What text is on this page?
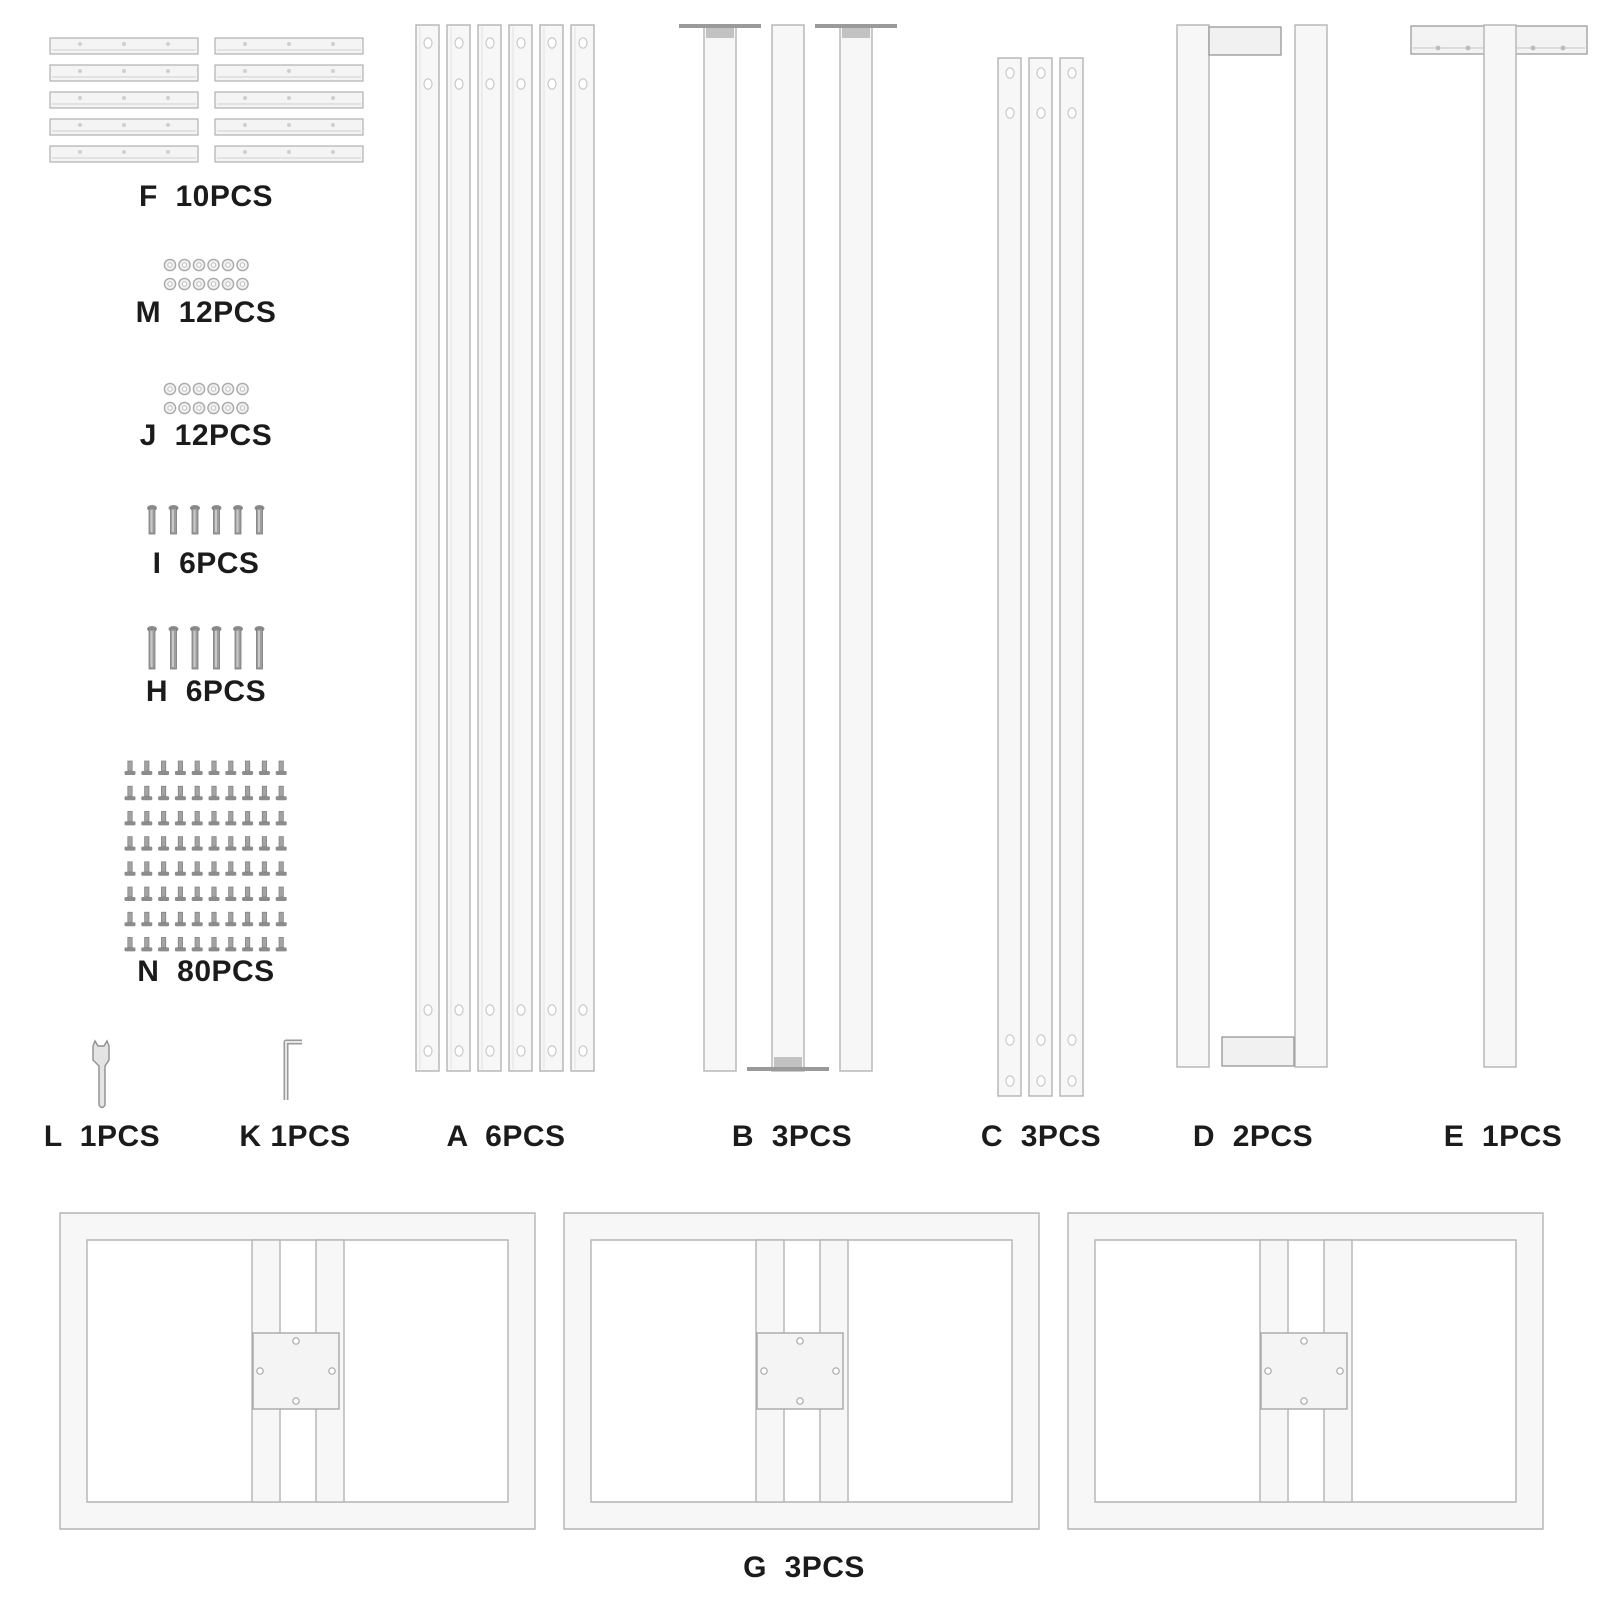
F  10PCS
M  12PCS
J  12PCS
I  6PCS
H  6PCS
N  80PCS
L  1PCS	K 1PCS	A  6PCS	B  3PCS	C  3PCS	D  2PCS	E  1PCS
G  3PCS
